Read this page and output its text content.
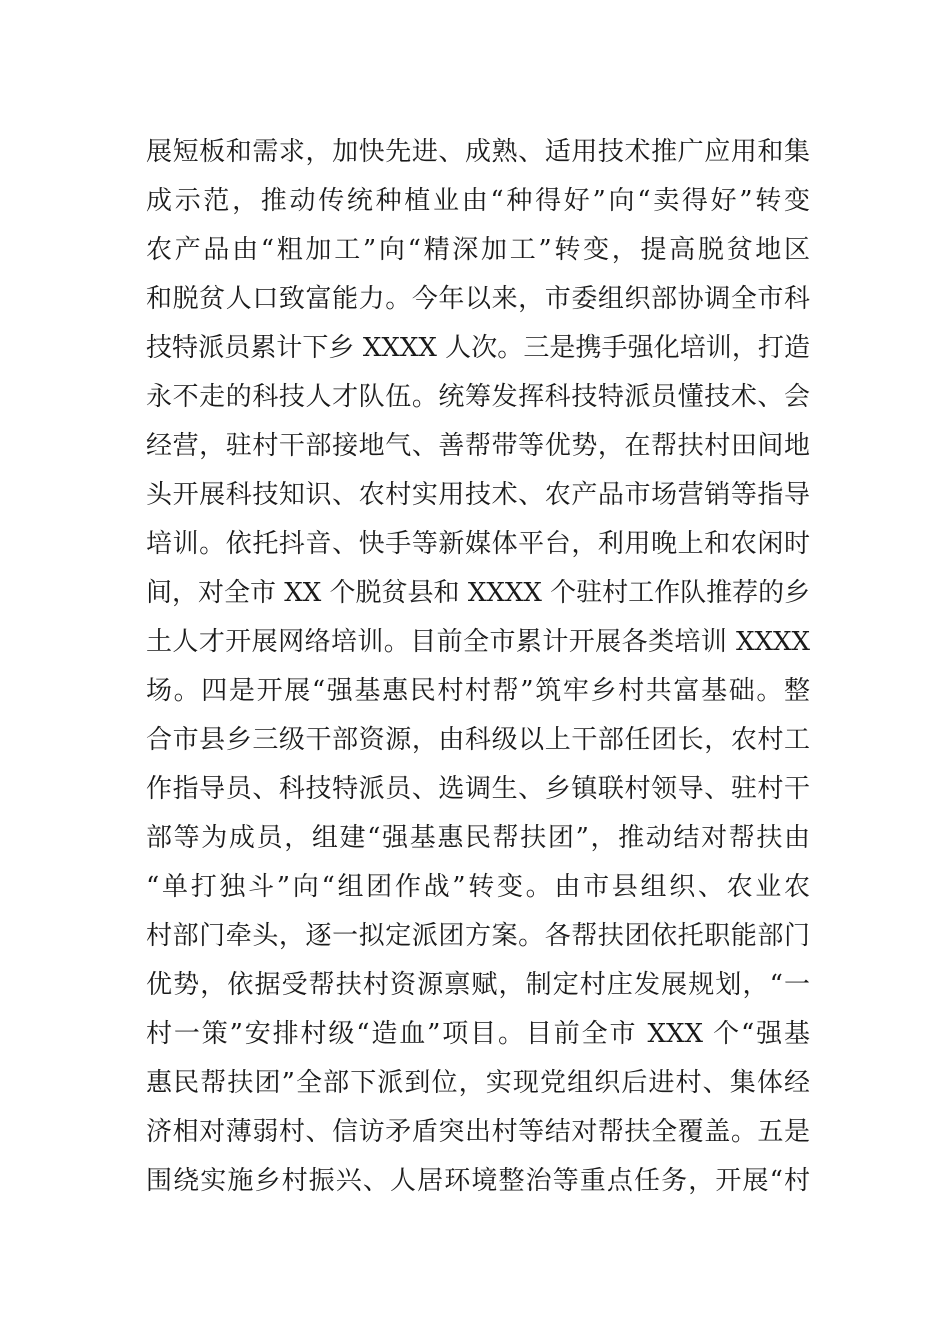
展短板和需求，加快先进、成熟、适用技术推广应用和集
成示范，推动传统种植业由“种得好”向“卖得好”转变
农产品由“粗加工”向“精深加工”转变，提高脱贫地区
和脱贫人口致富能力。今年以来，市委组织部协调全市科
技特派员累计下乡 XXXX 人次。三是携手强化培训，打造
永不走的科技人才队伍。统筹发挥科技特派员懂技术、会
经营，驻村干部接地气、善帮带等优势，在帮扶村田间地
头开展科技知识、农村实用技术、农产品市场营销等指导
培训。依托抖音、快手等新媒体平台，利用晚上和农闲时
间，对全市 XX 个脱贫县和 XXXX 个驻村工作队推荐的乡
土人才开展网络培训。目前全市累计开展各类培训 XXXX
场。四是开展“强基惠民村村帮”筑牢乡村共富基础。整
合市县乡三级干部资源，由科级以上干部任团长，农村工
作指导员、科技特派员、选调生、乡镇联村领导、驻村干
部等为成员，组建“强基惠民帮扶团”，推动结对帮扶由
“单打独斗”向“组团作战”转变。由市县组织、农业农
村部门牵头，逐一拟定派团方案。各帮扶团依托职能部门
优势，依据受帮扶村资源禀赋，制定村庄发展规划，“一
村一策”安排村级“造血”项目。目前全市 XXX 个“强基
惠民帮扶团”全部下派到位，实现党组织后进村、集体经
济相对薄弱村、信访矛盾突出村等结对帮扶全覆盖。五是
围绕实施乡村振兴、人居环境整治等重点任务，开展“村
